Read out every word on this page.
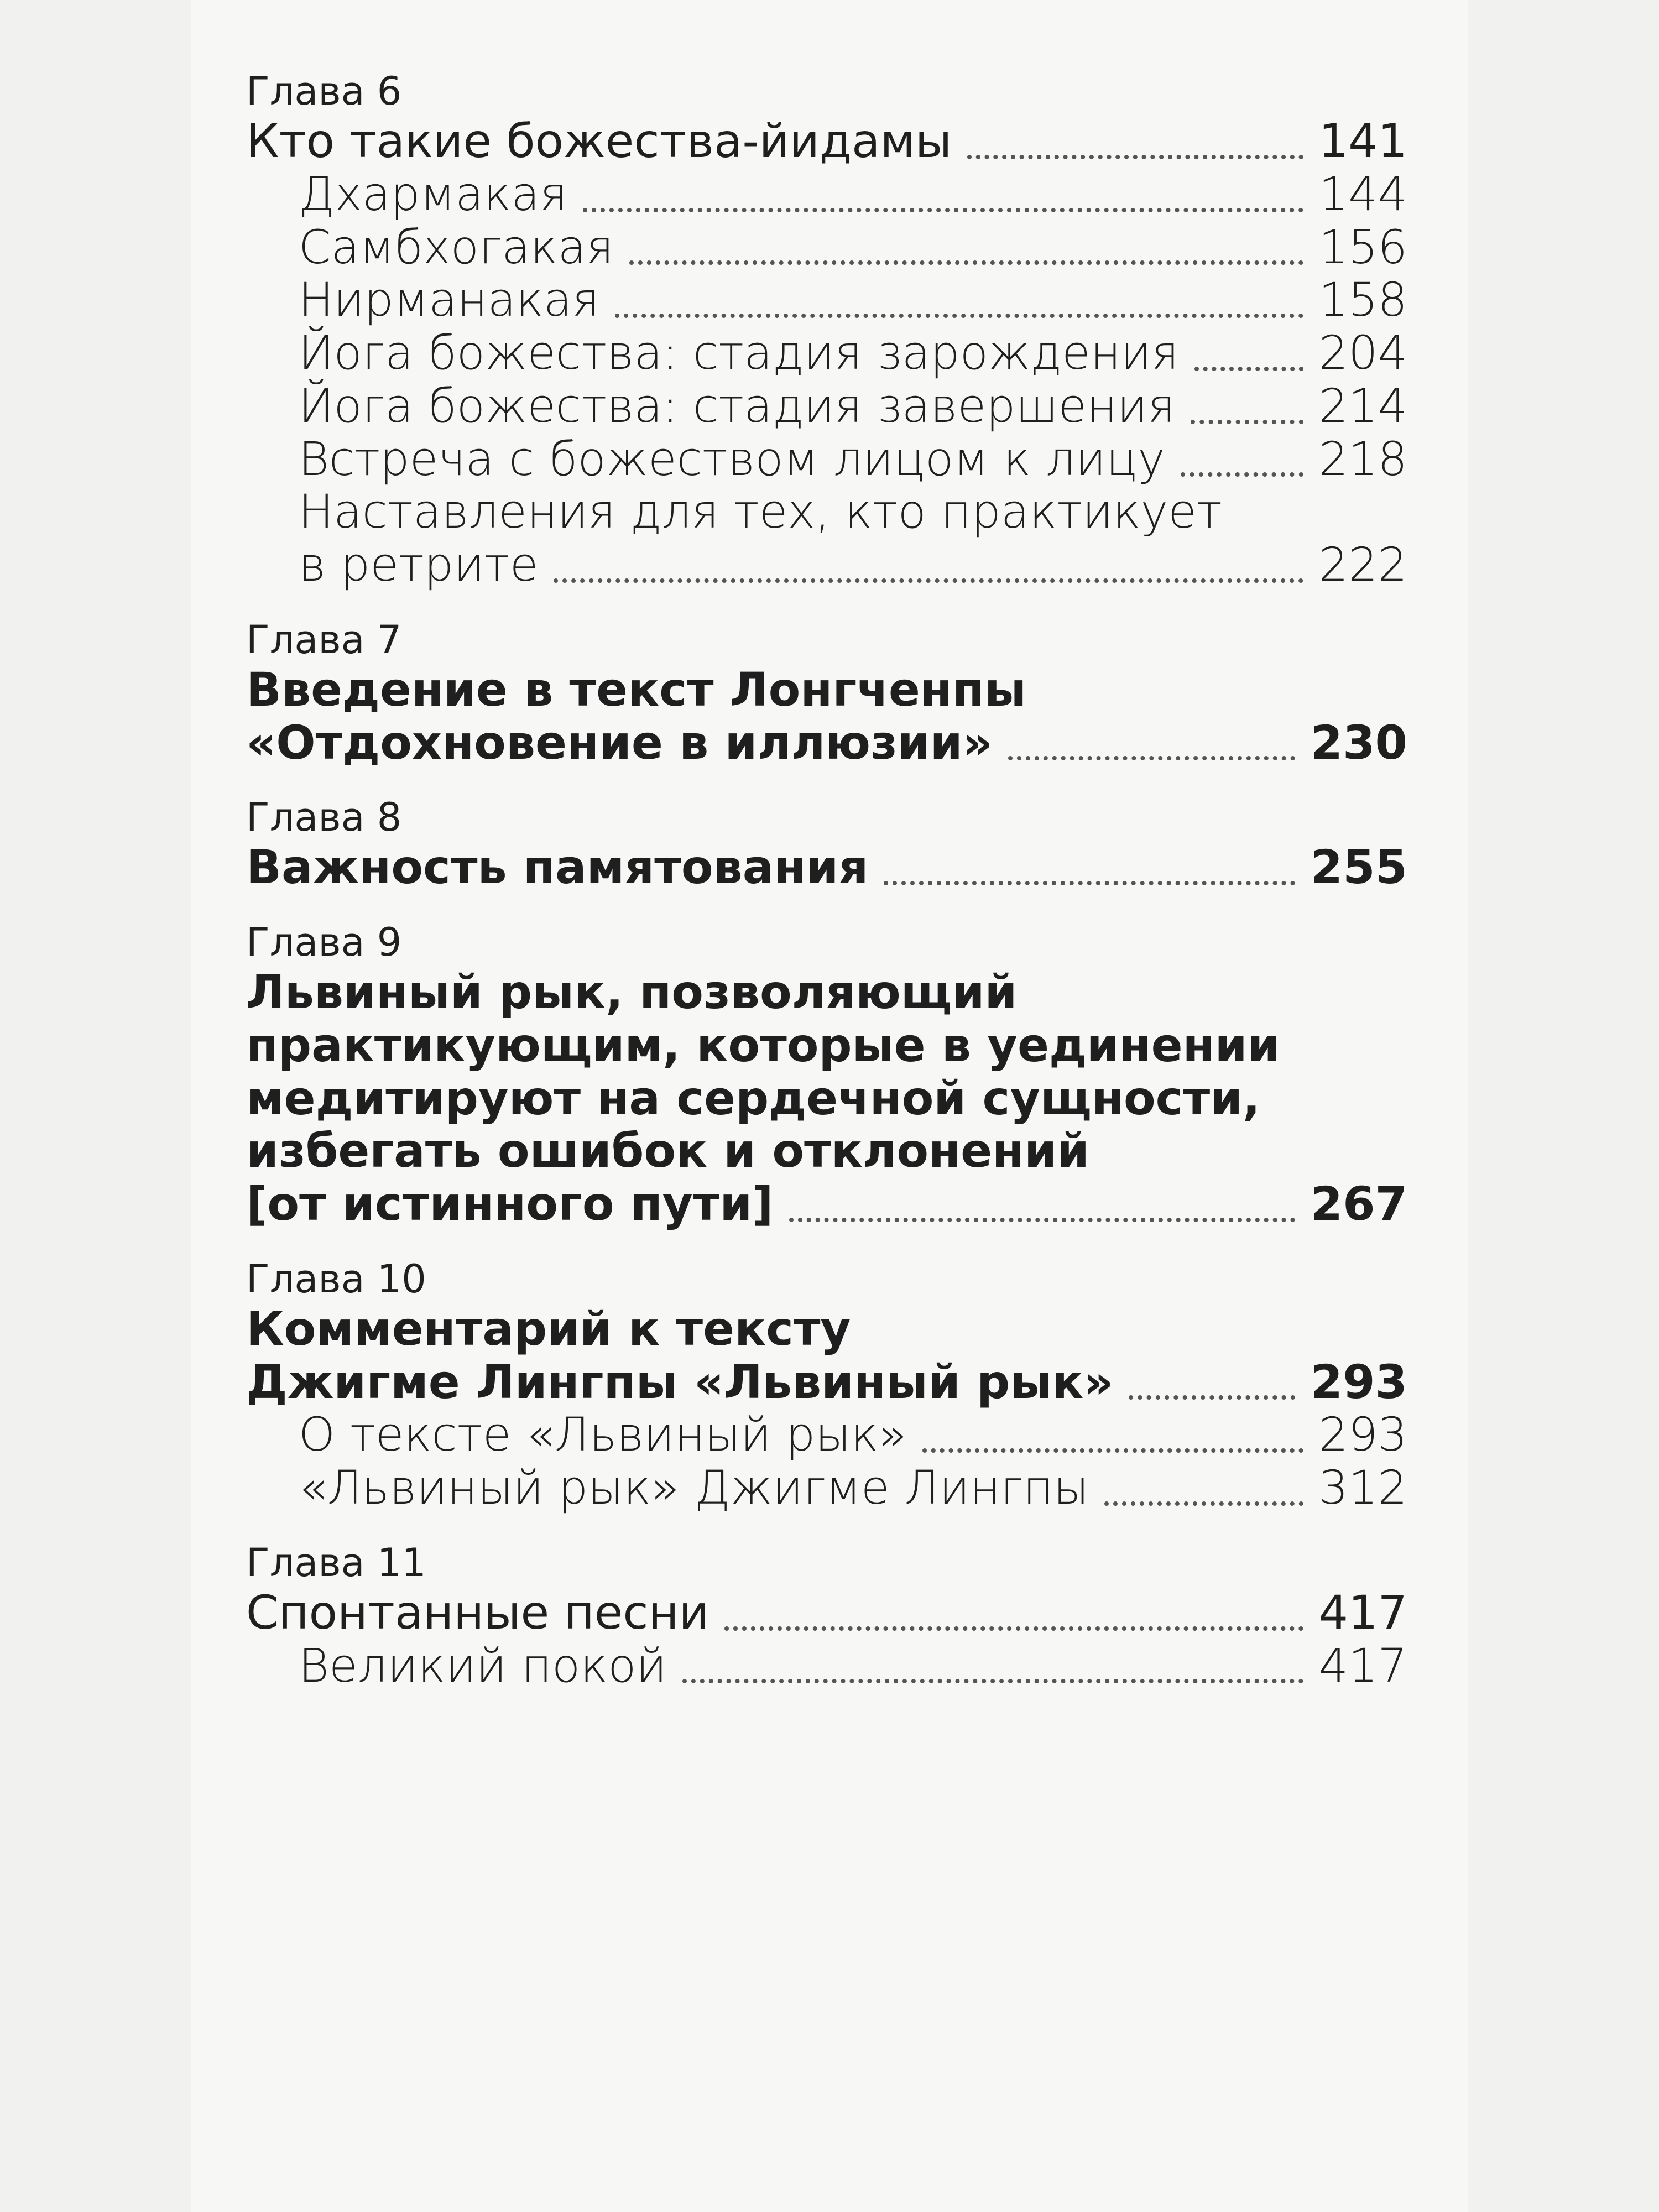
Глава 6
Кто такие божества-йидамы	141
Дхармакая	144
Самбхогакая	156
Нирманакая	158
Йога божества: стадия зарождения	204
Йога божества: стадия завершения	214
Встреча с божеством лицом к лицу	218
Наставления для тех, кто практикует
в ретрите	222
Глава 7
Введение в текст Лонгченпы
«Отдохновение в иллюзии»	230
Глава 8
Важность памятования	255
Глава 9
Львиный рык, позволяющий
практикующим, которые в уединении
медитируют на сердечной сущности,
избегать ошибок и отклонений
[от истинного пути]	267
Глава 10
Комментарий к тексту
Джигме Лингпы «Львиный рык»	293
О тексте «Львиный рык»	293
«Львиный рык» Джигме Лингпы	312
Глава 11
Спонтанные песни	417
Великий покой	417
